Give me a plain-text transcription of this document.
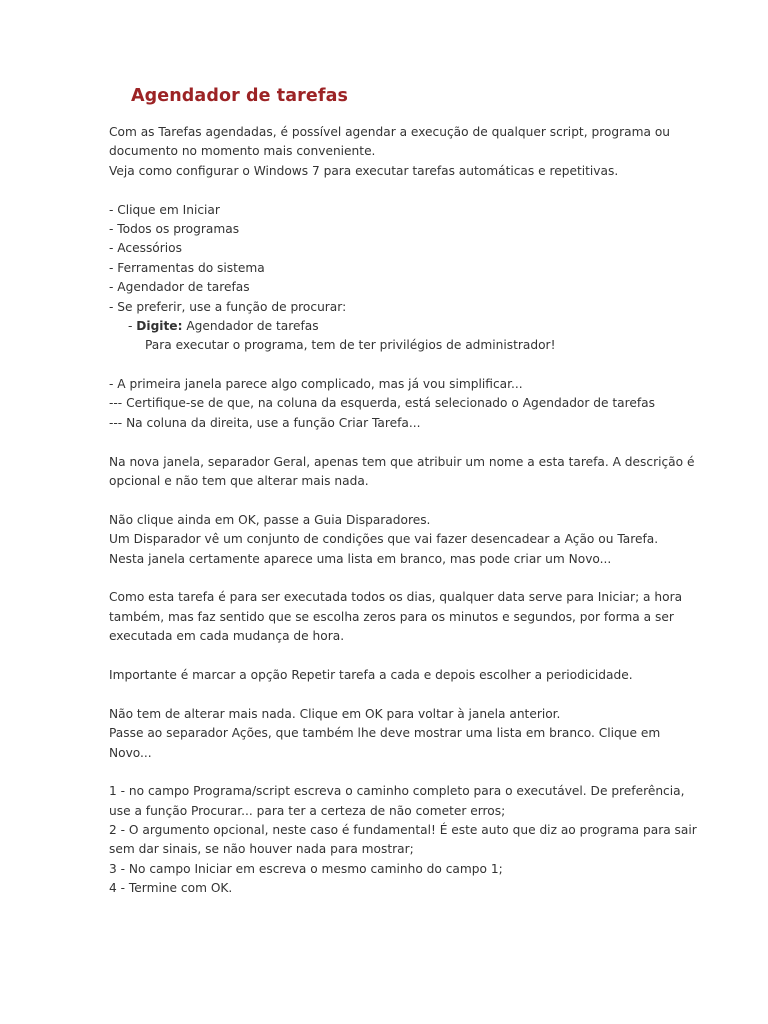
Agendador de tarefas
Com as Tarefas agendadas, é possível agendar a execução de qualquer script, programa ou
documento no momento mais conveniente.
Veja como configurar o Windows 7 para executar tarefas automáticas e repetitivas.
- Clique em Iniciar
- Todos os programas
- Acessórios
- Ferramentas do sistema
- Agendador de tarefas
- Se preferir, use a função de procurar:
- Digite: Agendador de tarefas
Para executar o programa, tem de ter privilégios de administrador!
- A primeira janela parece algo complicado, mas já vou simplificar...
--- Certifique-se de que, na coluna da esquerda, está selecionado o Agendador de tarefas
--- Na coluna da direita, use a função Criar Tarefa...
Na nova janela, separador Geral, apenas tem que atribuir um nome a esta tarefa. A descrição é
opcional e não tem que alterar mais nada.
Não clique ainda em OK, passe a Guia Disparadores.
Um Disparador vê um conjunto de condições que vai fazer desencadear a Ação ou Tarefa.
Nesta janela certamente aparece uma lista em branco, mas pode criar um Novo...
Como esta tarefa é para ser executada todos os dias, qualquer data serve para Iniciar; a hora
também, mas faz sentido que se escolha zeros para os minutos e segundos, por forma a ser
executada em cada mudança de hora.
Importante é marcar a opção Repetir tarefa a cada e depois escolher a periodicidade.
Não tem de alterar mais nada. Clique em OK para voltar à janela anterior.
Passe ao separador Ações, que também lhe deve mostrar uma lista em branco. Clique em
Novo...
1 - no campo Programa/script escreva o caminho completo para o executável. De preferência,
use a função Procurar... para ter a certeza de não cometer erros;
2 - O argumento opcional, neste caso é fundamental! É este auto que diz ao programa para sair
sem dar sinais, se não houver nada para mostrar;
3 - No campo Iniciar em escreva o mesmo caminho do campo 1;
4 - Termine com OK.
